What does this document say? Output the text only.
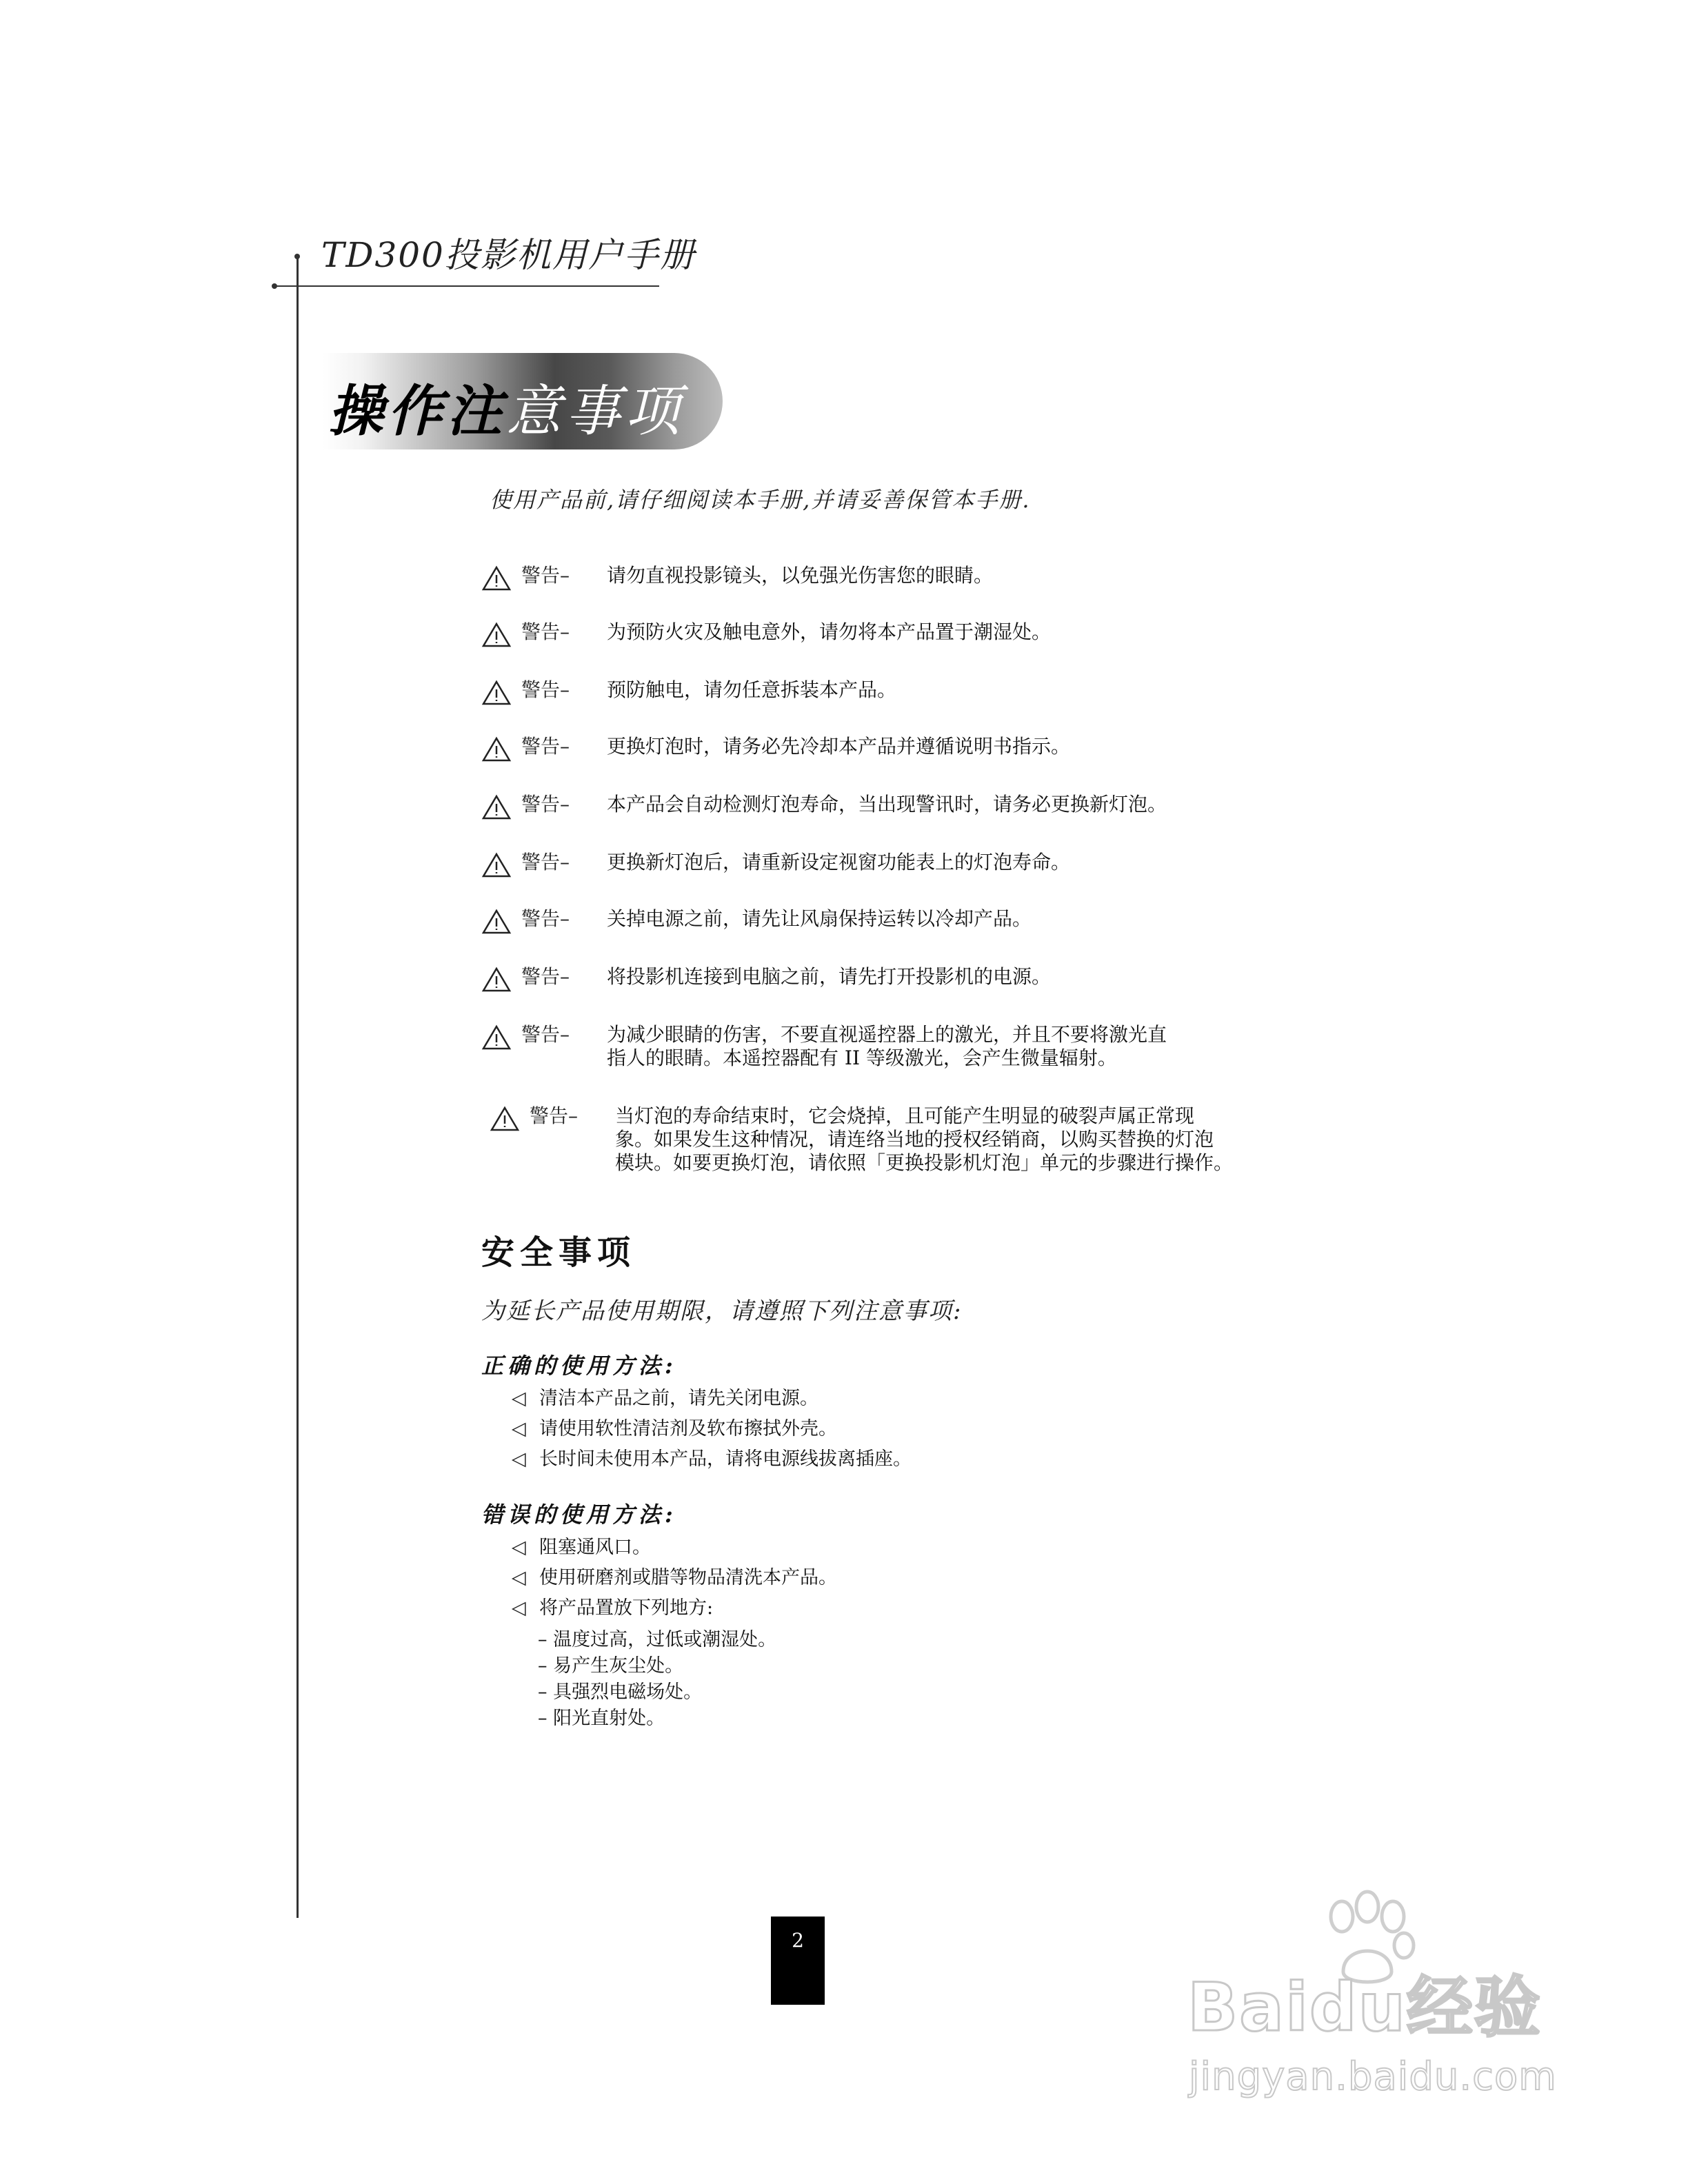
TD300投影机用户手册
操作注意事项
使用产品前,请仔细阅读本手册,并请妥善保管本手册.
警告– 请勿直视投影镜头，以免强光伤害您的眼睛。
警告– 为预防火灾及触电意外，请勿将本产品置于潮湿处。
警告– 预防触电，请勿任意拆装本产品。
警告– 更换灯泡时，请务必先冷却本产品并遵循说明书指示。
警告– 本产品会自动检测灯泡寿命，当出现警讯时，请务必更换新灯泡。
警告– 更换新灯泡后，请重新设定视窗功能表上的灯泡寿命。
警告– 关掉电源之前，请先让风扇保持运转以冷却产品。
警告– 将投影机连接到电脑之前，请先打开投影机的电源。
警告– 为减少眼睛的伤害，不要直视遥控器上的激光，并且不要将激光直
指人的眼睛。本遥控器配有 II 等级激光，会产生微量辐射。
警告– 当灯泡的寿命结束时，它会烧掉，且可能产生明显的破裂声属正常现
象。如果发生这种情况，请连络当地的授权经销商，以购买替换的灯泡
模块。如要更换灯泡，请依照「更换投影机灯泡」单元的步骤进行操作。
安全事项
为延长产品使用期限，请遵照下列注意事项:
正确的使用方法:
◁ 清洁本产品之前，请先关闭电源。
◁ 请使用软性清洁剂及软布擦拭外壳。
◁ 长时间未使用本产品，请将电源线拔离插座。
错误的使用方法:
◁ 阻塞通风口。
◁ 使用研磨剂或腊等物品清洗本产品。
◁ 将产品置放下列地方:
– 温度过高，过低或潮湿处。
– 易产生灰尘处。
– 具强烈电磁场处。
– 阳光直射处。
2
Baidu经验
jingyan.baidu.com
